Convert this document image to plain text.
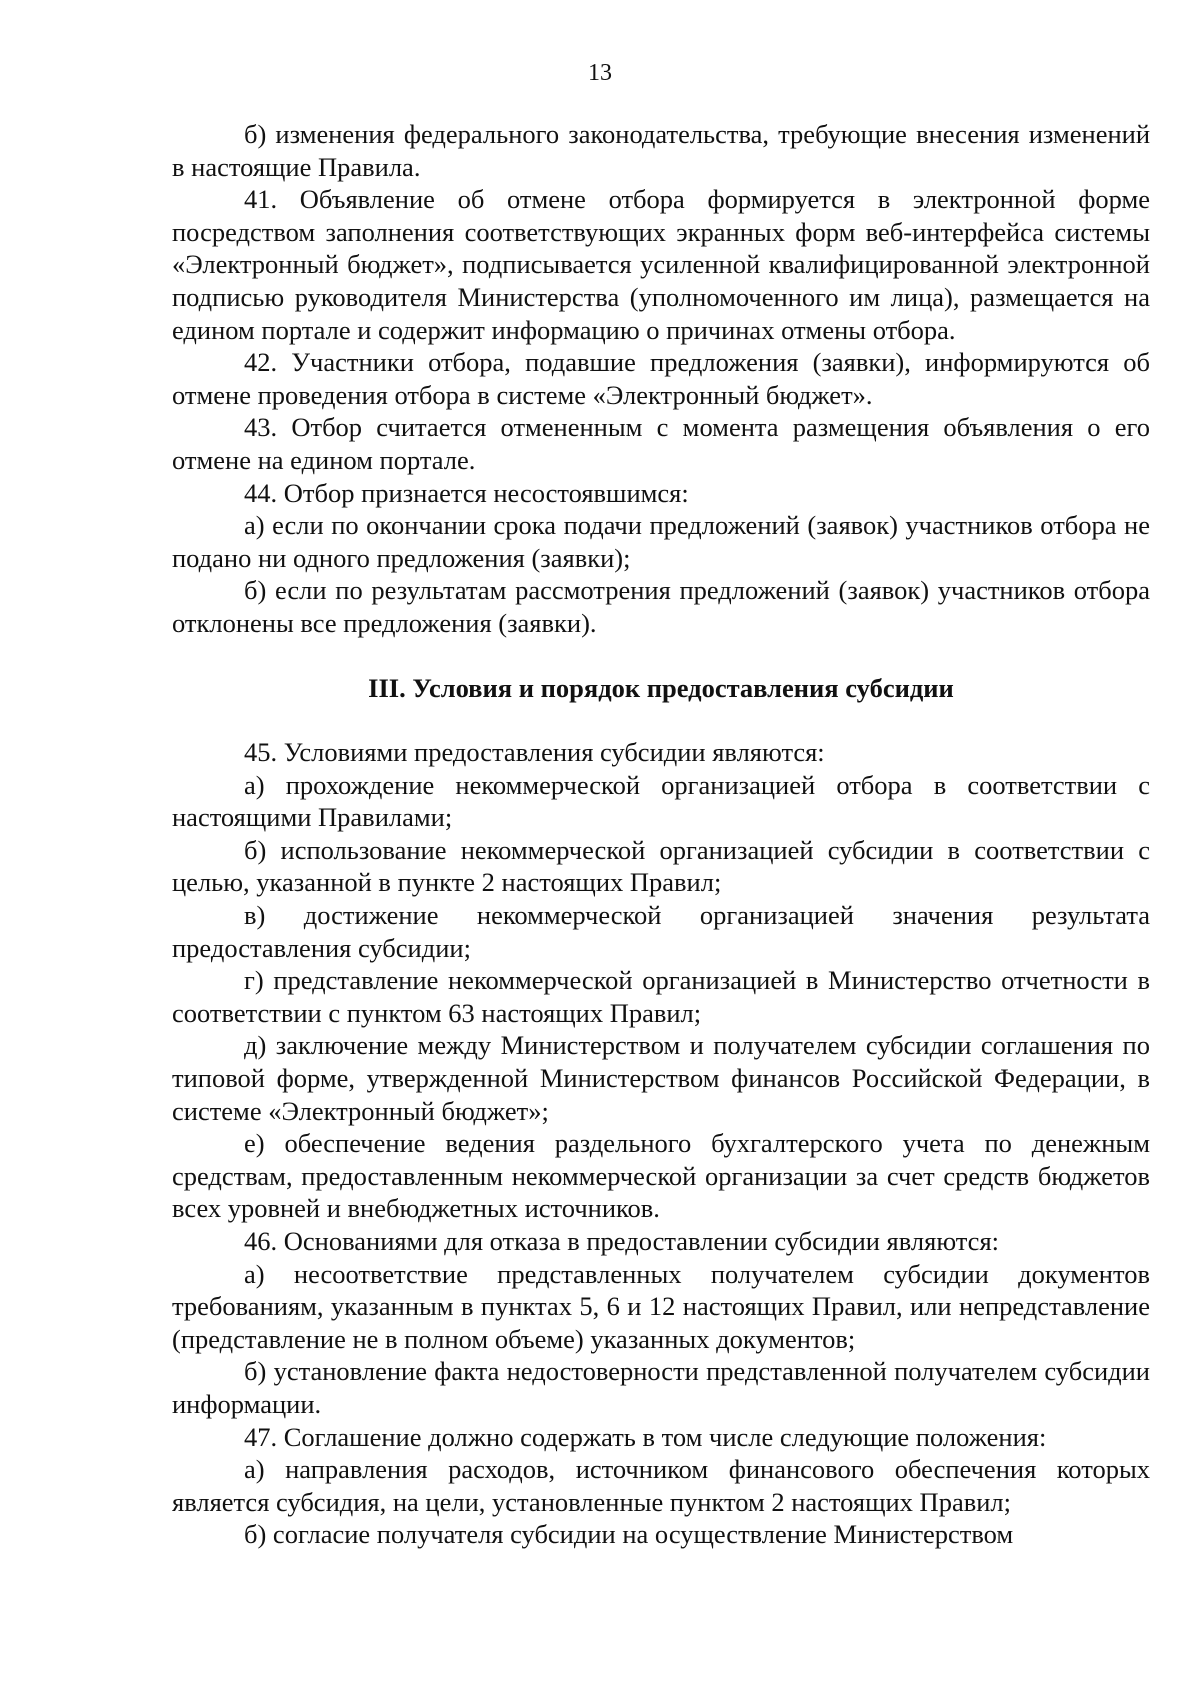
13

б) изменения федерального законодательства, требующие внесения изменений в настоящие Правила.

41. Объявление об отмене отбора формируется в электронной форме посредством заполнения соответствующих экранных форм веб-интерфейса системы «Электронный бюджет», подписывается усиленной квалифицированной электронной подписью руководителя Министерства (уполномоченного им лица), размещается на едином портале и содержит информацию о причинах отмены отбора.

42. Участники отбора, подавшие предложения (заявки), информируются об отмене проведения отбора в системе «Электронный бюджет».

43. Отбор считается отмененным с момента размещения объявления о его отмене на едином портале.

44. Отбор признается несостоявшимся:

а) если по окончании срока подачи предложений (заявок) участников отбора не подано ни одного предложения (заявки);

б) если по результатам рассмотрения предложений (заявок) участников отбора отклонены все предложения (заявки).

III. Условия и порядок предоставления субсидии

45. Условиями предоставления субсидии являются:

а) прохождение некоммерческой организацией отбора в соответствии с настоящими Правилами;

б) использование некоммерческой организацией субсидии в соответствии с целью, указанной в пункте 2 настоящих Правил;

в) достижение некоммерческой организацией значения результата предоставления субсидии;

г) представление некоммерческой организацией в Министерство отчетности в соответствии с пунктом 63 настоящих Правил;

д) заключение между Министерством и получателем субсидии соглашения по типовой форме, утвержденной Министерством финансов Российской Федерации, в системе «Электронный бюджет»;

е) обеспечение ведения раздельного бухгалтерского учета по денежным средствам, предоставленным некоммерческой организации за счет средств бюджетов всех уровней и внебюджетных источников.

46. Основаниями для отказа в предоставлении субсидии являются:

а) несоответствие представленных получателем субсидии документов требованиям, указанным в пунктах 5, 6 и 12 настоящих Правил, или непредставление (представление не в полном объеме) указанных документов;

б) установление факта недостоверности представленной получателем субсидии информации.

47. Соглашение должно содержать в том числе следующие положения:

а) направления расходов, источником финансового обеспечения которых является субсидия, на цели, установленные пунктом 2 настоящих Правил;

б) согласие получателя субсидии на осуществление Министерством
